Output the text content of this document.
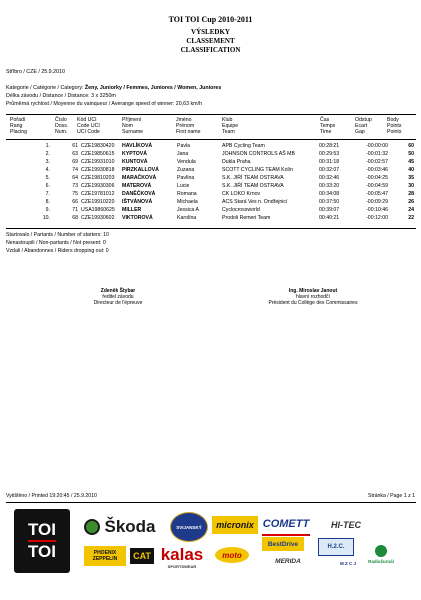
TOI TOI Cup 2010-2011
VÝSLEDKY
CLASSEMENT
CLASSIFICATION
Stříbro / CZE / 25.9.2010
Kategorie / Catégorie / Category: Ženy, Juniorky / Femmes, Juniores / Women, Juniores
Délka závodu / Distance / Distance: 3 x 3250m
Průměrná rychlost / Moyenne du vainqueur / Averange speed of winner: 20,63 km/h
Pořadí
Rang
Placing
Číslo
Doss.
Num.
Kód UCI
Code UCI
UCI Code
Příjmení
Nom
Surname
Jméno
Prénom
First name
Klub
Equipe
Team
Čas
Temps
Time
Odstup
Ecart
Gap
Body
Points
Points
1.	61 CZE19830420 HAVLÍKOVÁ	Pavla	APB Cycling Team	00:28:21	-00:00:00	60
2.	63 CZE19850615 KYPTOVÁ	Jana	JOHNSON CONTROLS AŠ MB	00:29:53	-00:01:32	50
3.	69 CZE19931010 KUNTOVÁ	Vendula	Dukla Praha	00:31:18	-00:02:57	45
4.	74 CZE19930818 PIRZKALLOVÁ	Zuzana	SCOTT CYCLING TEAM Kolín	00:32:07	-00:03:46	40
5.	64 CZE19810203 MARAČKOVÁ	Pavlína	S.K. JIŘÍ TEAM OSTRAVA	00:32:46	-00:04:25	35
6.	73 CZE19930306 MATEROVÁ	Lucie	S.K. JIŘÍ TEAM OSTRAVA	00:33:20	-00:04:59	30
7.	75 CZE19781012 DANĚČKOVÁ	Romana	CK LOKO Krnov	00:34:08	-00:05:47	28
8.	66 CZE19910220 IŠTVÁNOVÁ	Michaela	ACS Stará Ves n. Ondřejnicí	00:37:50	-00:09:29	26
9.	71 USA19860625 MILLER	Jessica A	Cyclocrossworld	00:39:07	-00:10:46	24
10.	68 CZE19930602 VIKTOROVÁ	Karolína	Prodoli Remeri Team	00:40:21	-00:12:00	22
Startovalo / Partants / Number of starters: 10
Nenastoupili / Non-partants / Not present: 0
Vzdali / Abandonnes / Riders dropping out: 0
Zdeněk Štybar
ředitel závodu
Directeur de l'épreuve
Ing. Miroslav Janout
hlavní rozhodčí
Président du Collège des Commissaires
Vytištěno / Printed 19:20:45 / 25.9.2010	Stránka / Page 1 z 1
TOI
TOI
Škoda	SVIJANSKÝ micronix COMETT HI-TEC
PHOENIX
ZEPPELIN CAT kalas
SPORTSWEAR
moto
BestDrive
MERIDA
H.2.C.
M Z C J	Radiožurnál
